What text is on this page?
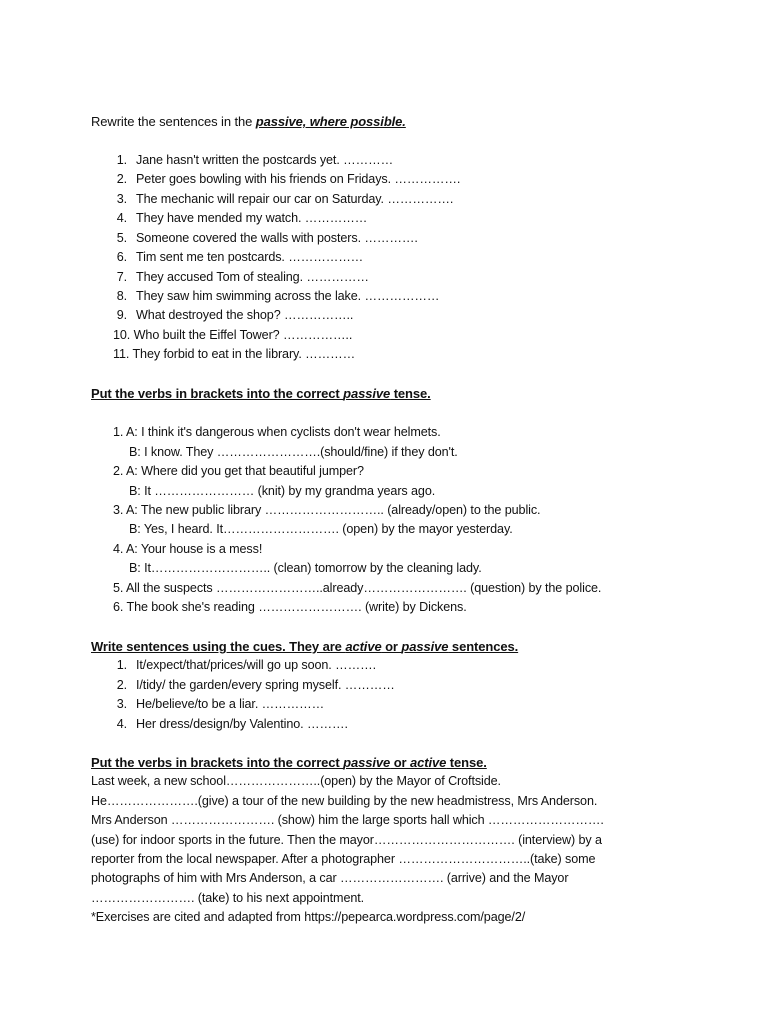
Rewrite the sentences in the passive, where possible.
1. Jane hasn't written the postcards yet. …………
2. Peter goes bowling with his friends on Fridays. …………….
3. The mechanic will repair our car on Saturday. …………….
4. They have mended my watch. ……………
5. Someone covered the walls with posters. ………….
6. Tim sent me ten postcards. ………………
7. They accused Tom of stealing. ……………
8. They saw him swimming across the lake. ………………
9. What destroyed the shop? ……………..
10. Who built the Eiffel Tower? ……………..
11. They forbid to eat in the library. …………
Put the verbs in brackets into the correct passive tense.
1. A: I think it's dangerous when cyclists don't wear helmets.
B: I know. They …………………….(should/fine) if they don't.
2. A: Where did you get that beautiful jumper?
B: It …………………… (knit) by my grandma years ago.
3. A: The new public library ……………………….. (already/open) to the public.
B: Yes, I heard. It………………………. (open) by the mayor yesterday.
4. A: Your house is a mess!
B: It……………………….. (clean) tomorrow by the cleaning lady.
5. All the suspects ……………………..already……………………. (question) by the police.
6. The book she's reading ……………………. (write) by Dickens.
Write sentences using the cues. They are active or passive sentences.
1. It/expect/that/prices/will go up soon. ……….
2. I/tidy/ the garden/every spring myself. …………
3. He/believe/to be a liar. ……………
4. Her dress/design/by Valentino. ……….
Put the verbs in brackets into the correct passive or active tense.
Last week, a new school…………………..(open) by the Mayor of Croftside.
He………………….(give) a tour of the new building by the new headmistress, Mrs Anderson.
Mrs Anderson ……………………. (show) him the large sports hall which ……………………….
(use) for indoor sports in the future. Then the mayor……………………………. (interview) by a
reporter from the local newspaper. After a photographer …………………………..(take) some
photographs of him with Mrs Anderson, a car ……………………. (arrive) and the Mayor
……………………. (take) to his next appointment.
*Exercises are cited and adapted from https://pepearca.wordpress.com/page/2/
